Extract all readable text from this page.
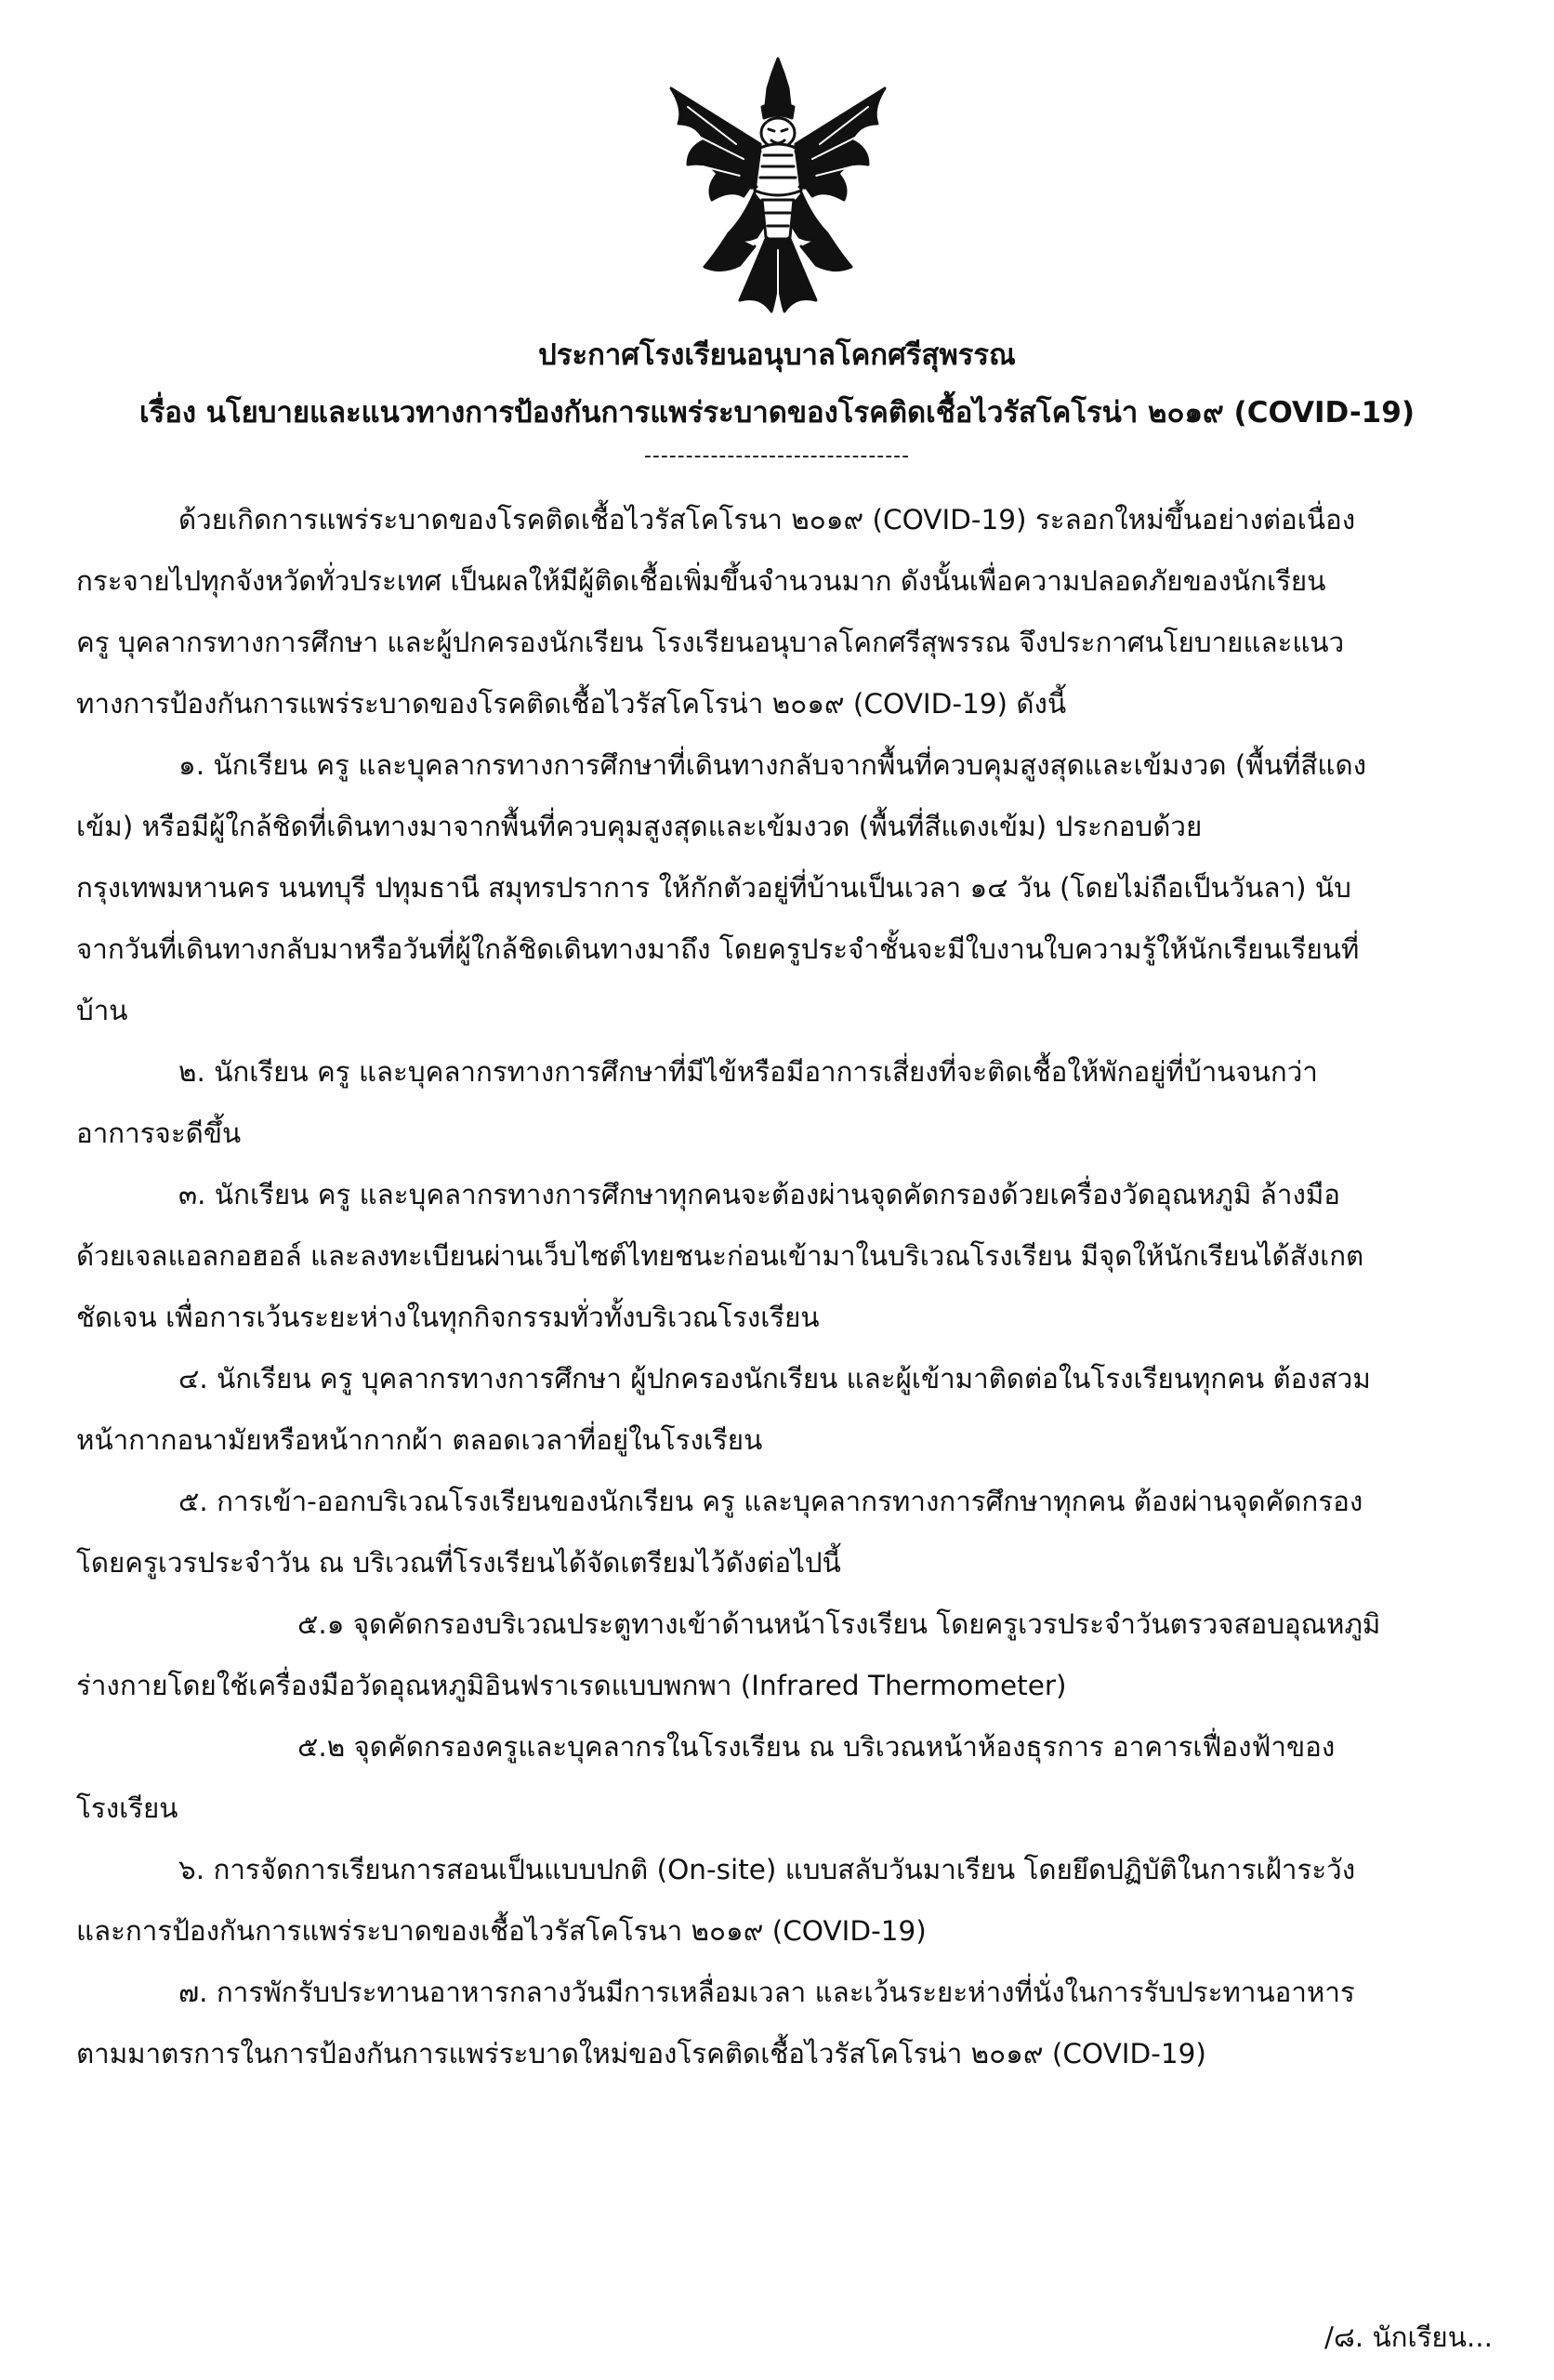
ประกาศโรงเรียนอนุบาลโคกศรีสุพรรณ
เรื่อง นโยบายและแนวทางการป้องกันการแพร่ระบาดของโรคติดเชื้อไวรัสโคโรน่า ๒๐๑๙ (COVID-19)
--------------------------------
ด้วยเกิดการแพร่ระบาดของโรคติดเชื้อไวรัสโคโรนา ๒๐๑๙ (COVID-19) ระลอกใหม่ขึ้นอย่างต่อเนื่อง
กระจายไปทุกจังหวัดทั่วประเทศ เป็นผลให้มีผู้ติดเชื้อเพิ่มขึ้นจำนวนมาก ดังนั้นเพื่อความปลอดภัยของนักเรียน
ครู บุคลากรทางการศึกษา และผู้ปกครองนักเรียน โรงเรียนอนุบาลโคกศรีสุพรรณ จึงประกาศนโยบายและแนว
ทางการป้องกันการแพร่ระบาดของโรคติดเชื้อไวรัสโคโรน่า ๒๐๑๙ (COVID-19) ดังนี้
๑. นักเรียน ครู และบุคลากรทางการศึกษาที่เดินทางกลับจากพื้นที่ควบคุมสูงสุดและเข้มงวด (พื้นที่สีแดง
เข้ม) หรือมีผู้ใกล้ชิดที่เดินทางมาจากพื้นที่ควบคุมสูงสุดและเข้มงวด (พื้นที่สีแดงเข้ม) ประกอบด้วย
กรุงเทพมหานคร นนทบุรี ปทุมธานี สมุทรปราการ ให้กักตัวอยู่ที่บ้านเป็นเวลา ๑๔ วัน (โดยไม่ถือเป็นวันลา) นับ
จากวันที่เดินทางกลับมาหรือวันที่ผู้ใกล้ชิดเดินทางมาถึง โดยครูประจำชั้นจะมีใบงานใบความรู้ให้นักเรียนเรียนที่
บ้าน
๒. นักเรียน ครู และบุคลากรทางการศึกษาที่มีไข้หรือมีอาการเสี่ยงที่จะติดเชื้อให้พักอยู่ที่บ้านจนกว่า
อาการจะดีขึ้น
๓. นักเรียน ครู และบุคลากรทางการศึกษาทุกคนจะต้องผ่านจุดคัดกรองด้วยเครื่องวัดอุณหภูมิ ล้างมือ
ด้วยเจลแอลกอฮอล์ และลงทะเบียนผ่านเว็บไซต์ไทยชนะก่อนเข้ามาในบริเวณโรงเรียน มีจุดให้นักเรียนได้สังเกต
ชัดเจน เพื่อการเว้นระยะห่างในทุกกิจกรรมทั่วทั้งบริเวณโรงเรียน
๔. นักเรียน ครู บุคลากรทางการศึกษา ผู้ปกครองนักเรียน และผู้เข้ามาติดต่อในโรงเรียนทุกคน ต้องสวม
หน้ากากอนามัยหรือหน้ากากผ้า ตลอดเวลาที่อยู่ในโรงเรียน
๕. การเข้า-ออกบริเวณโรงเรียนของนักเรียน ครู และบุคลากรทางการศึกษาทุกคน ต้องผ่านจุดคัดกรอง
โดยครูเวรประจำวัน ณ บริเวณที่โรงเรียนได้จัดเตรียมไว้ดังต่อไปนี้
๕.๑ จุดคัดกรองบริเวณประตูทางเข้าด้านหน้าโรงเรียน โดยครูเวรประจำวันตรวจสอบอุณหภูมิ
ร่างกายโดยใช้เครื่องมือวัดอุณหภูมิอินฟราเรดแบบพกพา (Infrared Thermometer)
๕.๒ จุดคัดกรองครูและบุคลากรในโรงเรียน ณ บริเวณหน้าห้องธุรการ อาคารเฟื่องฟ้าของ
โรงเรียน
๖. การจัดการเรียนการสอนเป็นแบบปกติ (On-site) แบบสลับวันมาเรียน โดยยึดปฏิบัติในการเฝ้าระวัง
และการป้องกันการแพร่ระบาดของเชื้อไวรัสโคโรนา ๒๐๑๙ (COVID-19)
๗. การพักรับประทานอาหารกลางวันมีการเหลื่อมเวลา และเว้นระยะห่างที่นั่งในการรับประทานอาหาร
ตามมาตรการในการป้องกันการแพร่ระบาดใหม่ของโรคติดเชื้อไวรัสโคโรน่า ๒๐๑๙ (COVID-19)
/๘. นักเรียน...
